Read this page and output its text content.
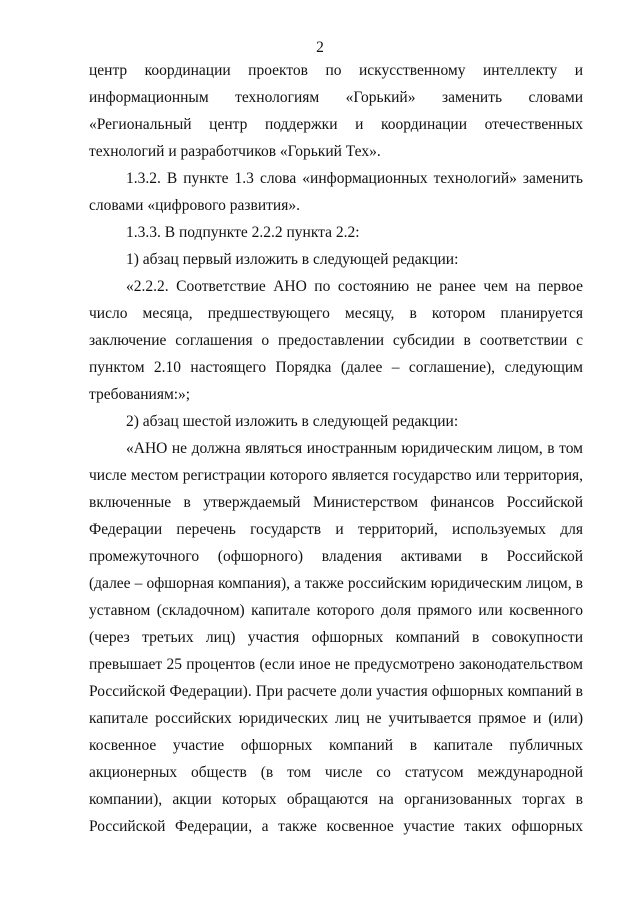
2
центр координации проектов по искусственному интеллекту и
информационным технологиям «Горький» заменить словами
«Региональный центр поддержки и координации отечественных
технологий и разработчиков «Горький Тех».
1.3.2. В пункте 1.3 слова «информационных технологий» заменить
словами «цифрового развития».
1.3.3. В подпункте 2.2.2 пункта 2.2:
1) абзац первый изложить в следующей редакции:
«2.2.2. Соответствие АНО по состоянию не ранее чем на первое
число месяца, предшествующего месяцу, в котором планируется
заключение соглашения о предоставлении субсидии в соответствии с
пунктом 2.10 настоящего Порядка (далее – соглашение), следующим
требованиям:»;
2) абзац шестой изложить в следующей редакции:
«АНО не должна являться иностранным юридическим лицом, в том
числе местом регистрации которого является государство или территория,
включенные в утверждаемый Министерством финансов Российской
Федерации перечень государств и территорий, используемых для
промежуточного (офшорного) владения активами в Российской
(далее – офшорная компания), а также российским юридическим лицом, в
уставном (складочном) капитале которого доля прямого или косвенного
(через третьих лиц) участия офшорных компаний в совокупности
превышает 25 процентов (если иное не предусмотрено законодательством
Российской Федерации). При расчете доли участия офшорных компаний в
капитале российских юридических лиц не учитывается прямое и (или)
косвенное участие офшорных компаний в капитале публичных
акционерных обществ (в том числе со статусом международной
компании), акции которых обращаются на организованных торгах в
Российской Федерации, а также косвенное участие таких офшорных
